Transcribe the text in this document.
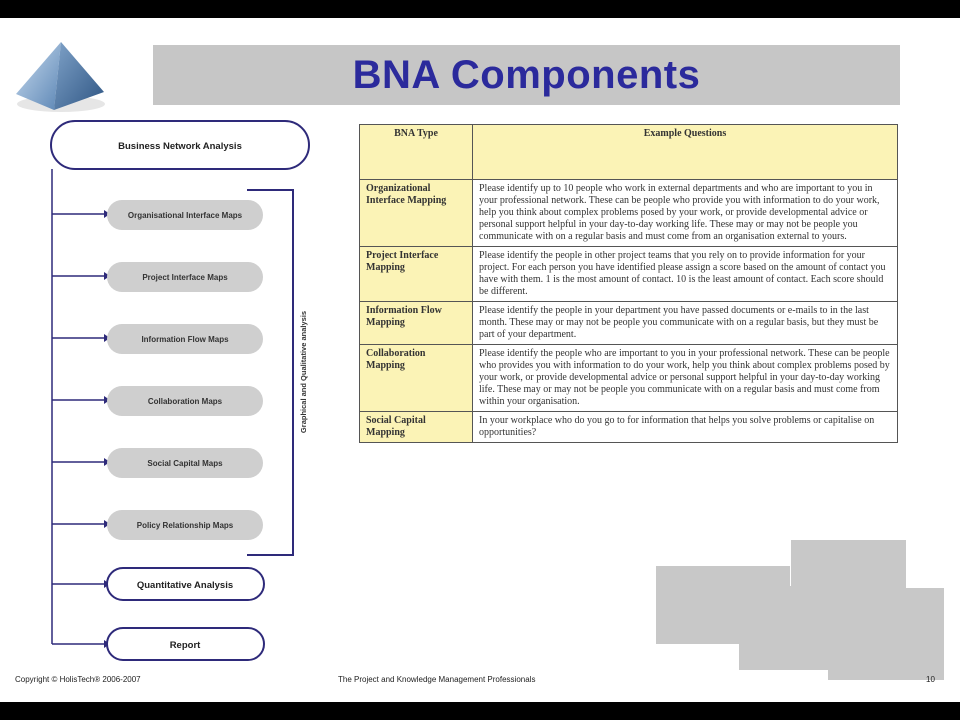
BNA Components
Business Network Analysis
Organisational Interface Maps
Project Interface Maps
Information Flow Maps
Collaboration Maps
Social Capital Maps
Policy Relationship Maps
Graphical and Qualitative analysis
Quantitative Analysis
Report
BNA Type	Example Questions
Organizational Interface Mapping	Please identify up to 10 people who work in external departments and who are important to you in your professional network. These can be people who provide you with information to do your work, help you think about complex problems posed by your work, or provide developmental advice or personal support helpful in your day-to-day working life. These may or may not be people you communicate with on a regular basis and must come from an organisation external to yours.
Project Interface Mapping	Please identify the people in other project teams that you rely on to provide information for your project. For each person you have identified please assign a score based on the amount of contact you have with them. 1 is the most amount of contact. 10 is the least amount of contact. Each score should be different.
Information Flow Mapping	Please identify the people in your department you have passed documents or e-mails to in the last month. These may or may not be people you communicate with on a regular basis, but they must be part of your department.
Collaboration Mapping	Please identify the people who are important to you in your professional network. These can be people who provides you with information to do your work, help you think about complex problems posed by your work, or provide developmental advice or personal support helpful in your day-to-day working life. These may or may not be people you communicate with on a regular basis and must come from within your organisation.
Social Capital Mapping	In your workplace who do you go to for information that helps you solve problems or capitalise on opportunities?
Copyright © HolisTech® 2006-2007	The Project and Knowledge Management Professionals	10
